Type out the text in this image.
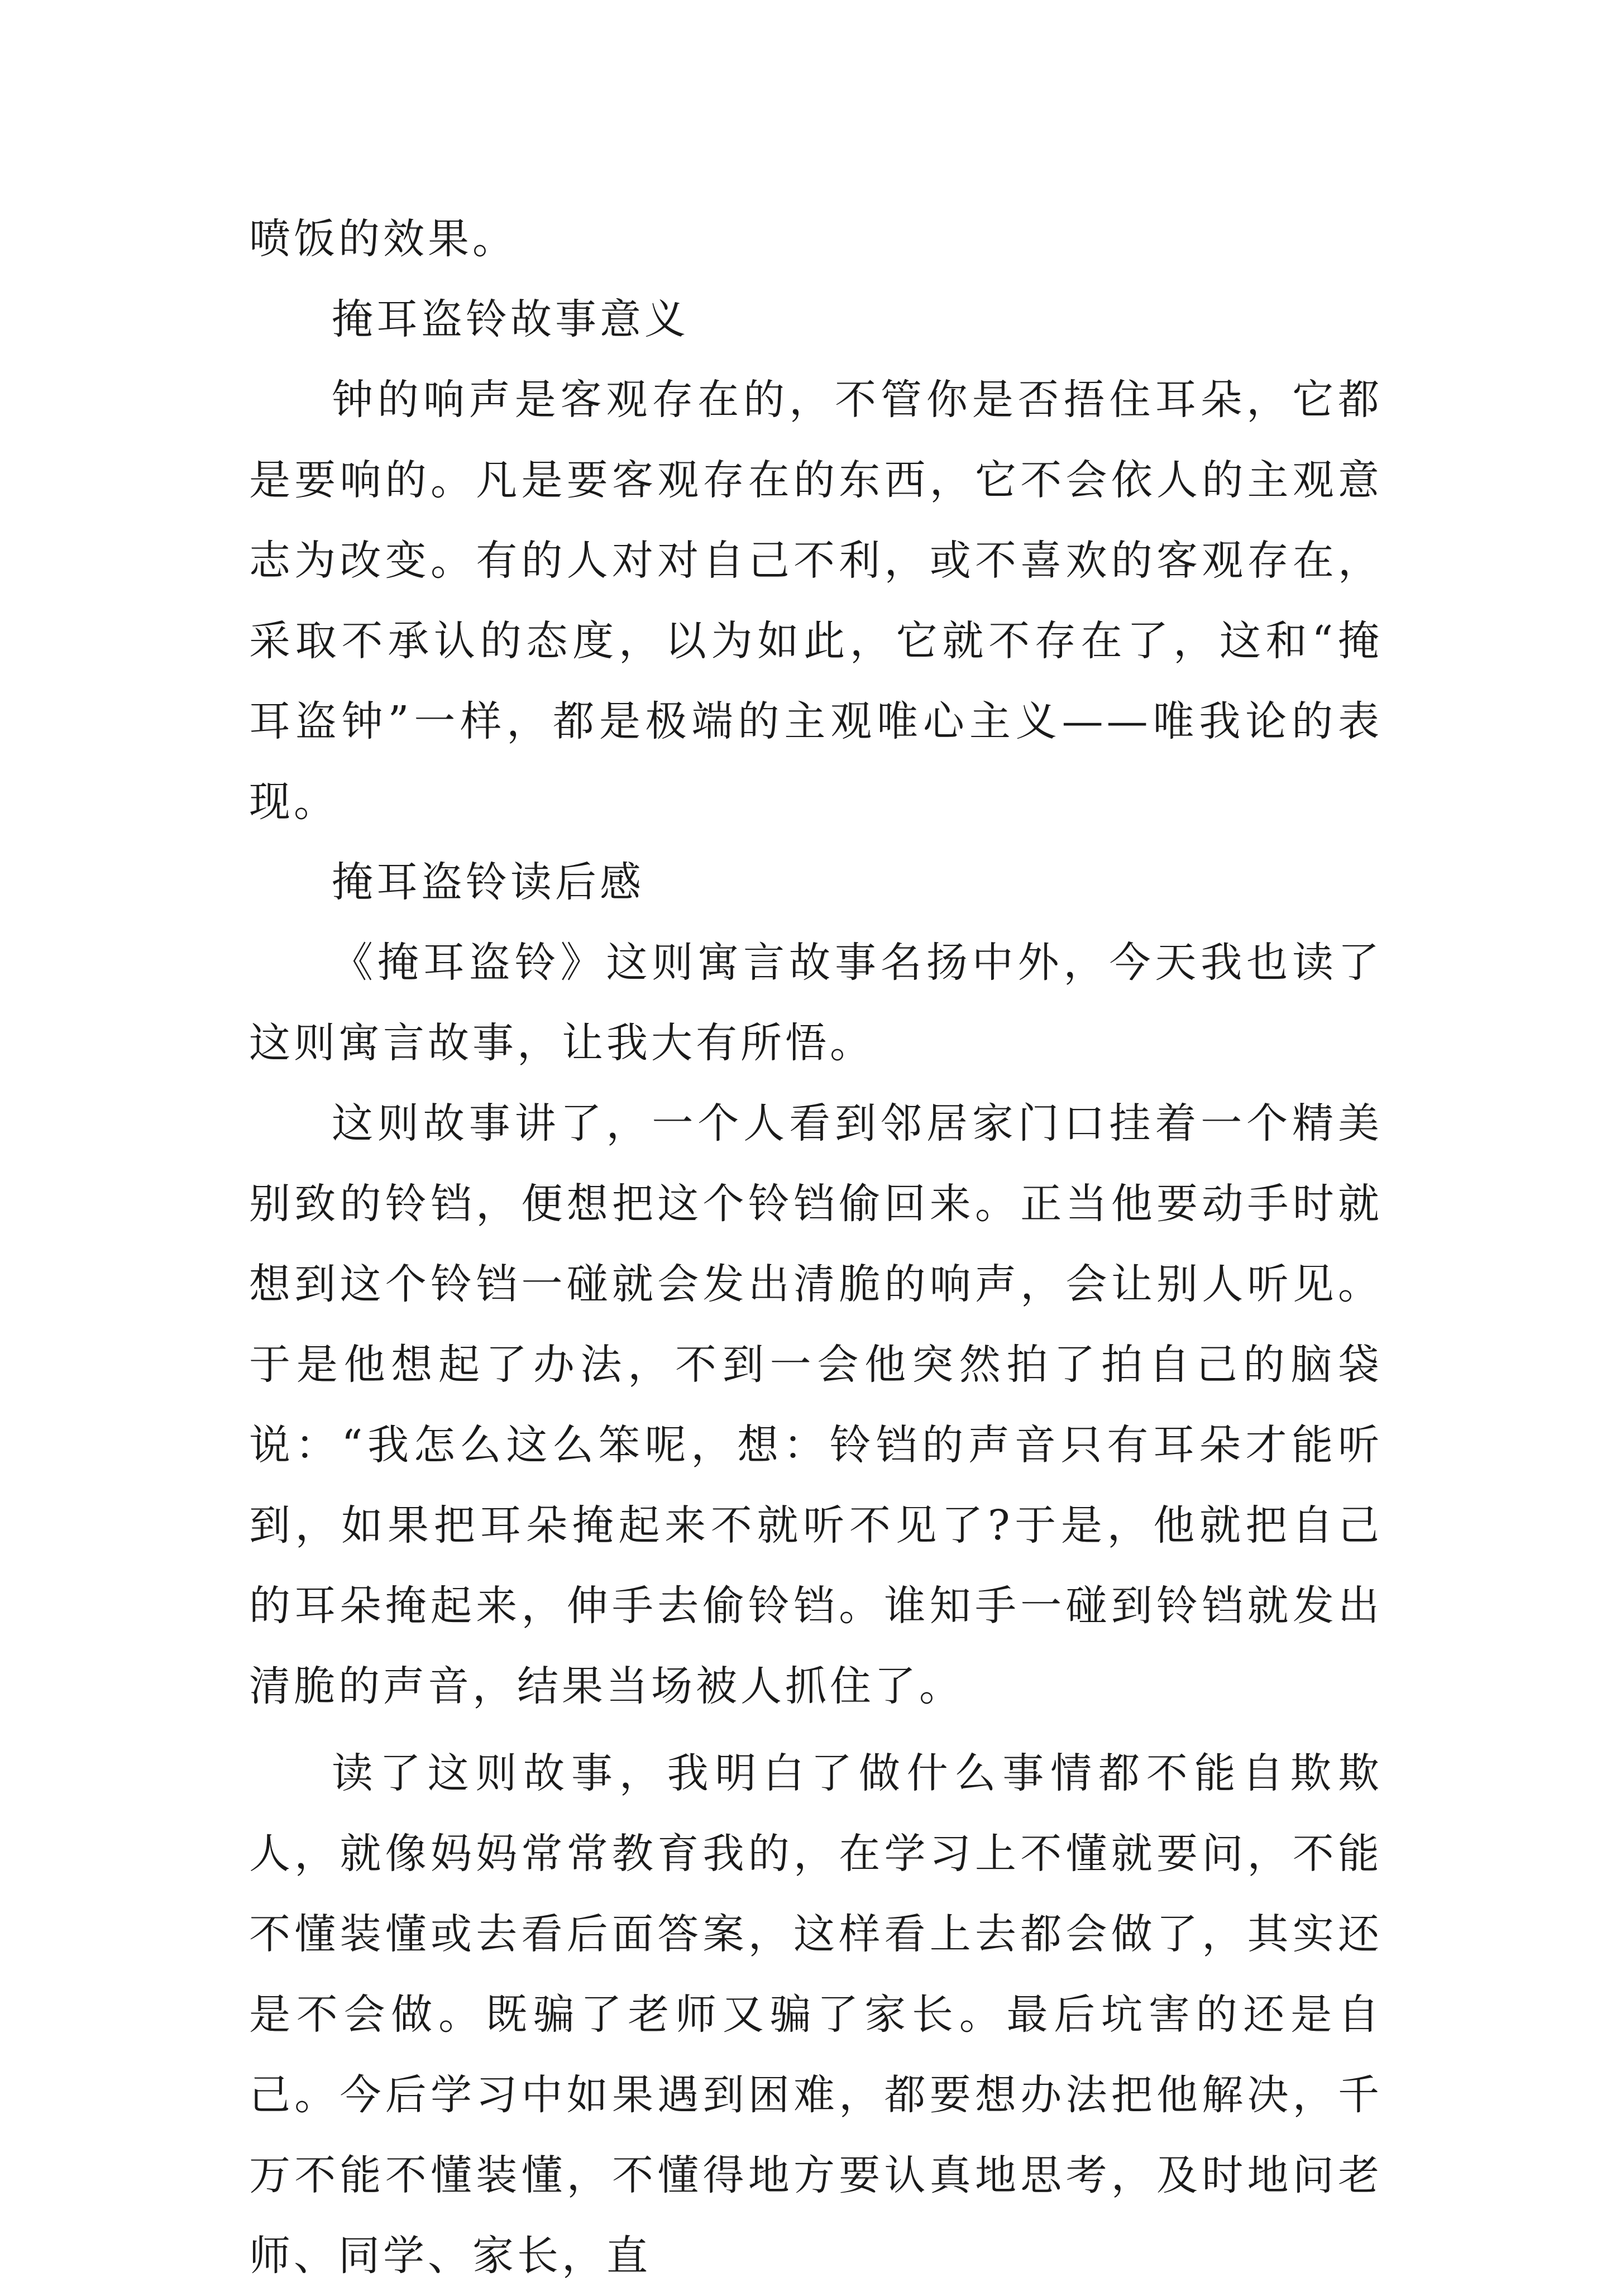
喷饭的效果。

掩耳盗铃故事意义

钟的响声是客观存在的，不管你是否捂住耳朵，它都是要响的。凡是要客观存在的东西，它不会依人的主观意志为改变。有的人对对自己不利，或不喜欢的客观存在，采取不承认的态度，以为如此，它就不存在了，这和“掩耳盗钟”一样，都是极端的主观唯心主义——唯我论的表现。

掩耳盗铃读后感

《掩耳盗铃》这则寓言故事名扬中外，今天我也读了这则寓言故事，让我大有所悟。

这则故事讲了，一个人看到邻居家门口挂着一个精美别致的铃铛，便想把这个铃铛偷回来。正当他要动手时就想到这个铃铛一碰就会发出清脆的响声，会让别人听见。于是他想起了办法，不到一会他突然拍了拍自己的脑袋说：“我怎么这么笨呢，想：铃铛的声音只有耳朵才能听到，如果把耳朵掩起来不就听不见了?于是，他就把自己的耳朵掩起来，伸手去偷铃铛。谁知手一碰到铃铛就发出清脆的声音，结果当场被人抓住了。

读了这则故事，我明白了做什么事情都不能自欺欺人，就像妈妈常常教育我的，在学习上不懂就要问，不能不懂装懂或去看后面答案，这样看上去都会做了，其实还是不会做。既骗了老师又骗了家长。最后坑害的还是自己。今后学习中如果遇到困难，都要想办法把他解决，千万不能不懂装懂，不懂得地方要认真地思考，及时地问老师、同学、家长，直
